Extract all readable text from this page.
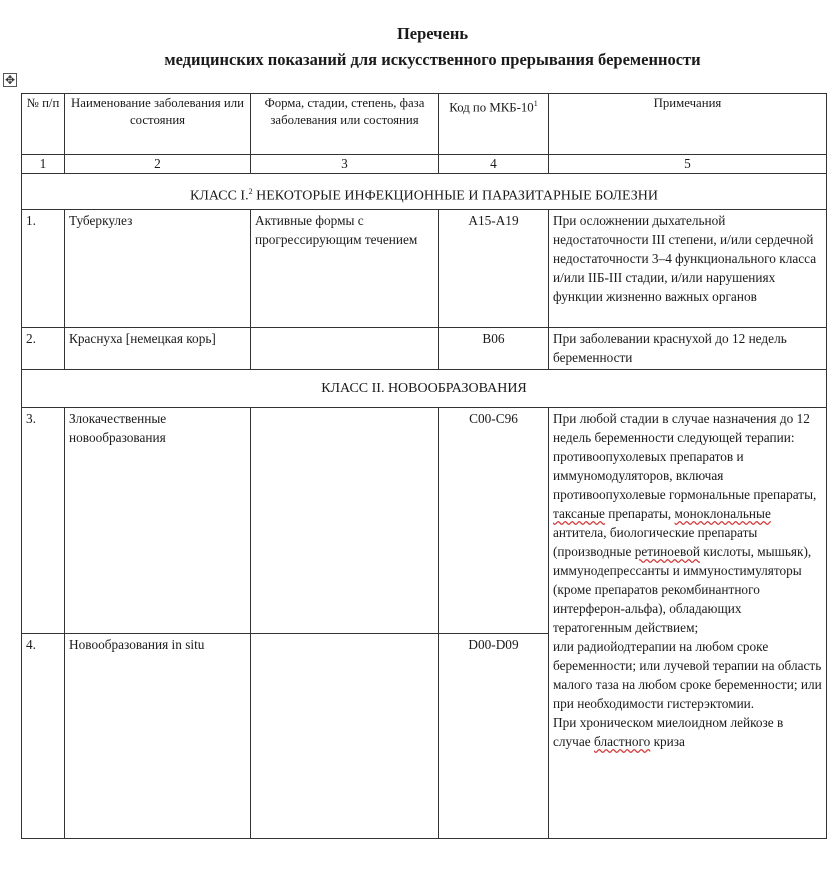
Перечень
медицинских показаний для искусственного прерывания беременности
✥
№ п/п	Наименование заболевания или состояния	Форма, стадии, степень, фаза заболевания или состояния	Код по МКБ-$10^1$	Примечания
1	2	3	4	5
КЛАСС I.$^2$ НЕКОТОРЫЕ ИНФЕКЦИОННЫЕ И ПАРАЗИТАРНЫЕ БОЛЕЗНИ
1.	Туберкулез	Активные формы с прогрессирующим течением	А15-А19	При осложнении дыхательной недостаточности III степени, и/или сердечной недостаточности 3–4 функционального класса и/или IIБ-III стадии, и/или нарушениях функции жизненно важных органов
2.	Краснуха [немецкая корь]		В06	При заболевании краснухой до 12 недель беременности
КЛАСС II. НОВООБРАЗОВАНИЯ
3.	Злокачественные новообразования		С00-С96	При любой стадии в случае назначения до 12 недель беременности следующей терапии: противоопухолевых препаратов и иммуномодуляторов, включая противоопухолевые гормональные препараты, таксаные препараты, моноклональные антитела, биологические препараты (производные ретиноевой кислоты, мышьяк), иммунодепрессанты и иммуностимуляторы (кроме препаратов рекомбинантного интерферон-альфа), обладающих тератогенным действием;
или радиойодтерапии на любом сроке беременности; или лучевой терапии на область малого таза на любом сроке беременности; или при необходимости гистерэктомии.
При хроническом миелоидном лейкозе в случае бластного криза
4.	Новообразования in situ		D00-D09
